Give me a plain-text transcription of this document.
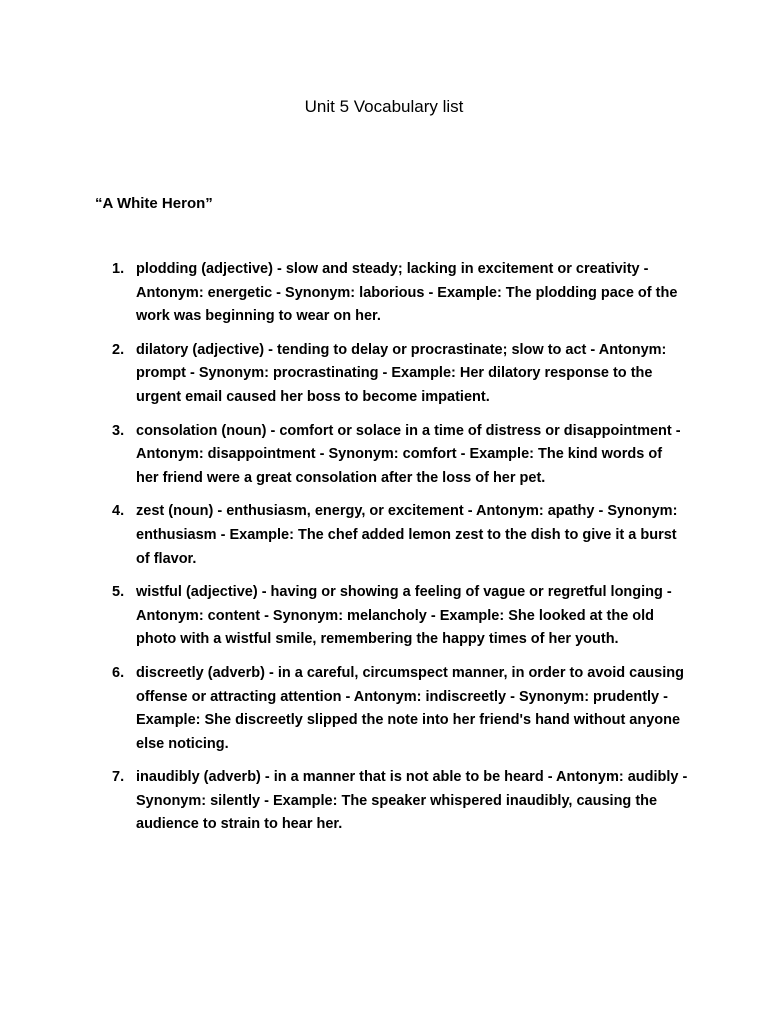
Unit 5 Vocabulary list
“A White Heron”
1. plodding (adjective) - slow and steady; lacking in excitement or creativity - Antonym: energetic - Synonym: laborious - Example: The plodding pace of the work was beginning to wear on her.
2. dilatory (adjective) - tending to delay or procrastinate; slow to act - Antonym: prompt - Synonym: procrastinating - Example: Her dilatory response to the urgent email caused her boss to become impatient.
3. consolation (noun) - comfort or solace in a time of distress or disappointment - Antonym: disappointment - Synonym: comfort - Example: The kind words of her friend were a great consolation after the loss of her pet.
4. zest (noun) - enthusiasm, energy, or excitement - Antonym: apathy - Synonym: enthusiasm - Example: The chef added lemon zest to the dish to give it a burst of flavor.
5. wistful (adjective) - having or showing a feeling of vague or regretful longing - Antonym: content - Synonym: melancholy - Example: She looked at the old photo with a wistful smile, remembering the happy times of her youth.
6. discreetly (adverb) - in a careful, circumspect manner, in order to avoid causing offense or attracting attention - Antonym: indiscreetly - Synonym: prudently - Example: She discreetly slipped the note into her friend's hand without anyone else noticing.
7. inaudibly (adverb) - in a manner that is not able to be heard - Antonym: audibly - Synonym: silently - Example: The speaker whispered inaudibly, causing the audience to strain to hear her.
